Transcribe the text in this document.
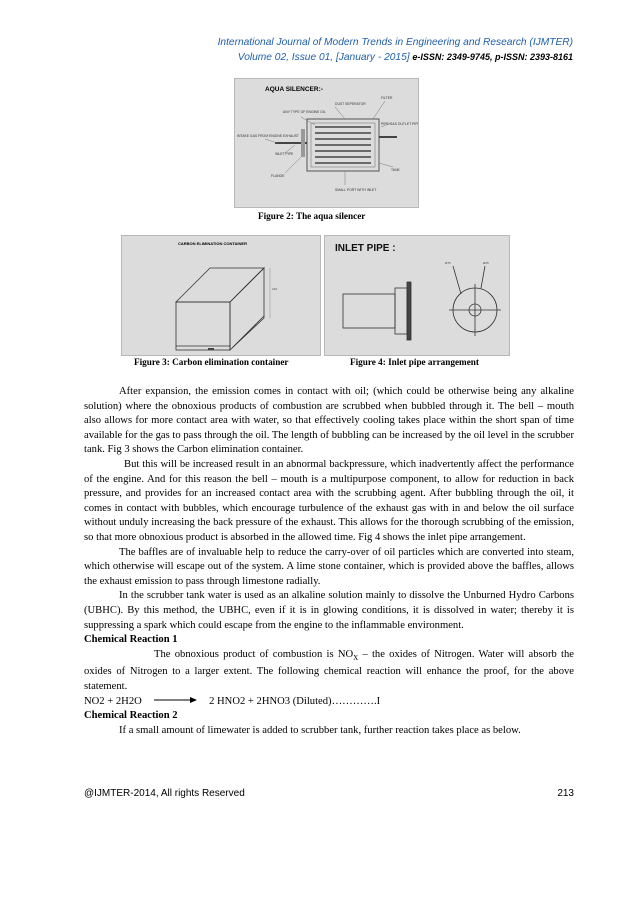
International Journal of Modern Trends in Engineering and Research (IJMTER)
Volume 02, Issue 01, [January - 2015] e-ISSN: 2349-9745, p-ISSN: 2393-8161
AQUA SILENCER:-
DUST SEPERATOR
FILTER
ANY TYPE OF ENGINE OIL
PIPE GAS OUTLET PIPE
INTAKE GAS FROM ENGINE EXHAUST
INLET PIPE
FLANGE
SMALL PORT WITH INLET
TANK
Figure 2: The aqua silencer
CARBON ELIMINATION CONTAINER
210
Figure 3: Carbon elimination container
INLET PIPE :
Ø75	Ø25
Figure 4: Inlet pipe arrangement

After expansion, the emission comes in contact with oil; (which could be otherwise being any alkaline solution) where the obnoxious products of combustion are scrubbed when bubbled through it. The bell – mouth also allows for more contact area with water, so that effectively cooling takes place within the short span of time available for the gas to pass through the oil. The length of bubbling can be increased by the oil level in the scrubber tank. Fig 3 shows the Carbon elimination container.

But this will be increased result in an abnormal backpressure, which inadvertently affect the performance of the engine. And for this reason the bell – mouth is a multipurpose component, to allow for reduction in back pressure, and provides for an increased contact area with the scrubbing agent. After bubbling through the oil, it comes in contact with bubbles, which encourage turbulence of the exhaust gas with in and below the oil surface without unduly increasing the back pressure of the exhaust. This allows for the thorough scrubbing of the emission, so that more obnoxious product is absorbed in the allowed time. Fig 4 shows the inlet pipe arrangement.

The baffles are of invaluable help to reduce the carry-over of oil particles which are converted into steam, which otherwise will escape out of the system. A lime stone container, which is provided above the baffles, allows the exhaust emission to pass through limestone radially.

In the scrubber tank water is used as an alkaline solution mainly to dissolve the Unburned Hydro Carbons (UBHC). By this method, the UBHC, even if it is in glowing conditions, it is dissolved in water; thereby it is suppressing a spark which could escape from the engine to the inflammable environment.

Chemical Reaction 1

The obnoxious product of combustion is $NO_X$ – the oxides of Nitrogen. Water will absorb the oxides of Nitrogen to a larger extent. The following chemical reaction will enhance the proof, for the above statement.

NO2 + 2H2O	2 HNO2 + 2HNO3 (Diluted)………….I

Chemical Reaction 2

If a small amount of limewater is added to scrubber tank, further reaction takes place as below.

@IJMTER-2014, All rights Reserved	213
